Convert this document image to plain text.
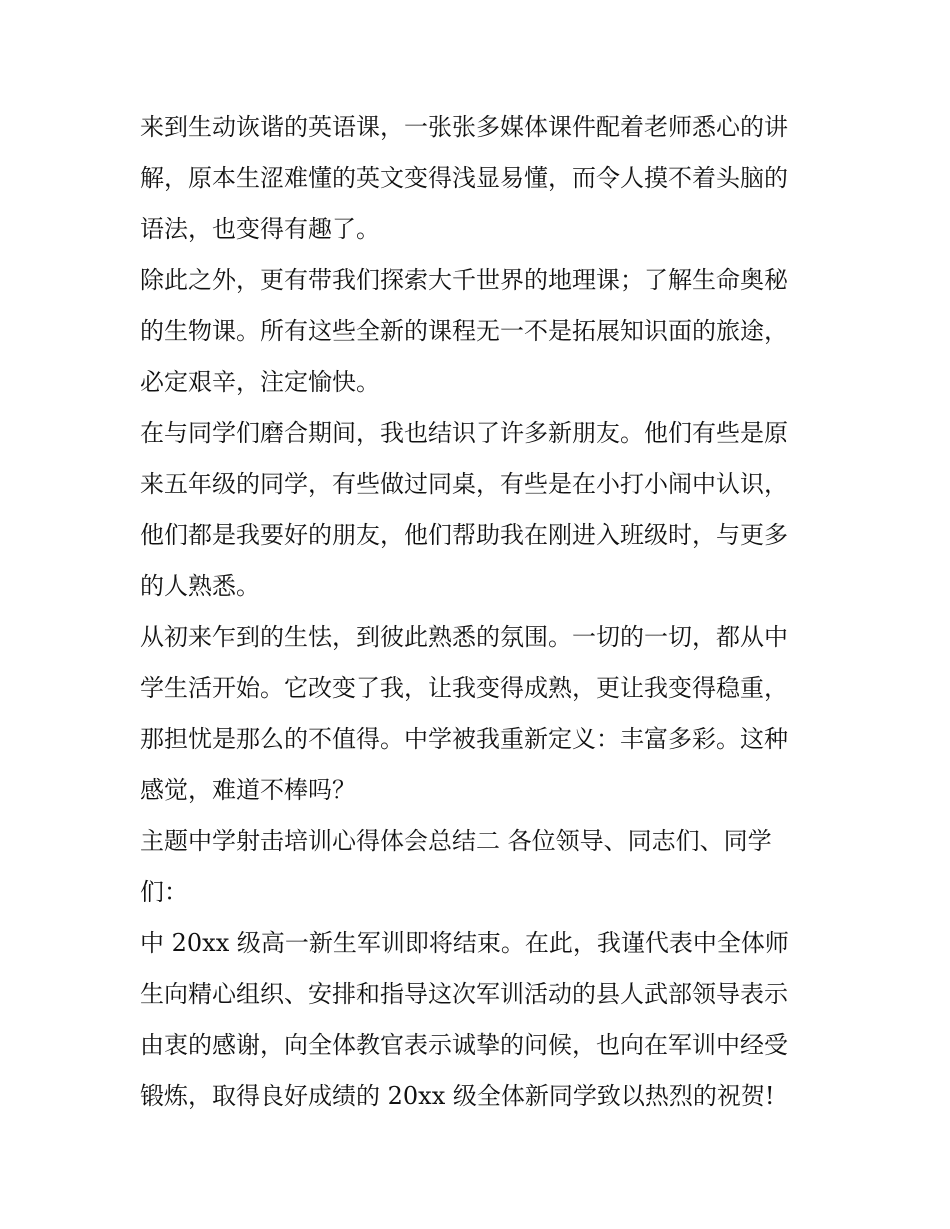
来到生动诙谐的英语课，一张张多媒体课件配着老师悉心的讲
解，原本生涩难懂的英文变得浅显易懂，而令人摸不着头脑的
语法，也变得有趣了。
除此之外，更有带我们探索大千世界的地理课；了解生命奥秘
的生物课。所有这些全新的课程无一不是拓展知识面的旅途，
必定艰辛，注定愉快。
在与同学们磨合期间，我也结识了许多新朋友。他们有些是原
来五年级的同学，有些做过同桌，有些是在小打小闹中认识，
他们都是我要好的朋友，他们帮助我在刚进入班级时，与更多
的人熟悉。
从初来乍到的生怯，到彼此熟悉的氛围。一切的一切，都从中
学生活开始。它改变了我，让我变得成熟，更让我变得稳重，
那担忧是那么的不值得。中学被我重新定义：丰富多彩。这种
感觉，难道不棒吗？
主题中学射击培训心得体会总结二 各位领导、同志们、同学
们：
中 20xx 级高一新生军训即将结束。在此，我谨代表中全体师
生向精心组织、安排和指导这次军训活动的县人武部领导表示
由衷的感谢，向全体教官表示诚挚的问候，也向在军训中经受
锻炼，取得良好成绩的 20xx 级全体新同学致以热烈的祝贺!
